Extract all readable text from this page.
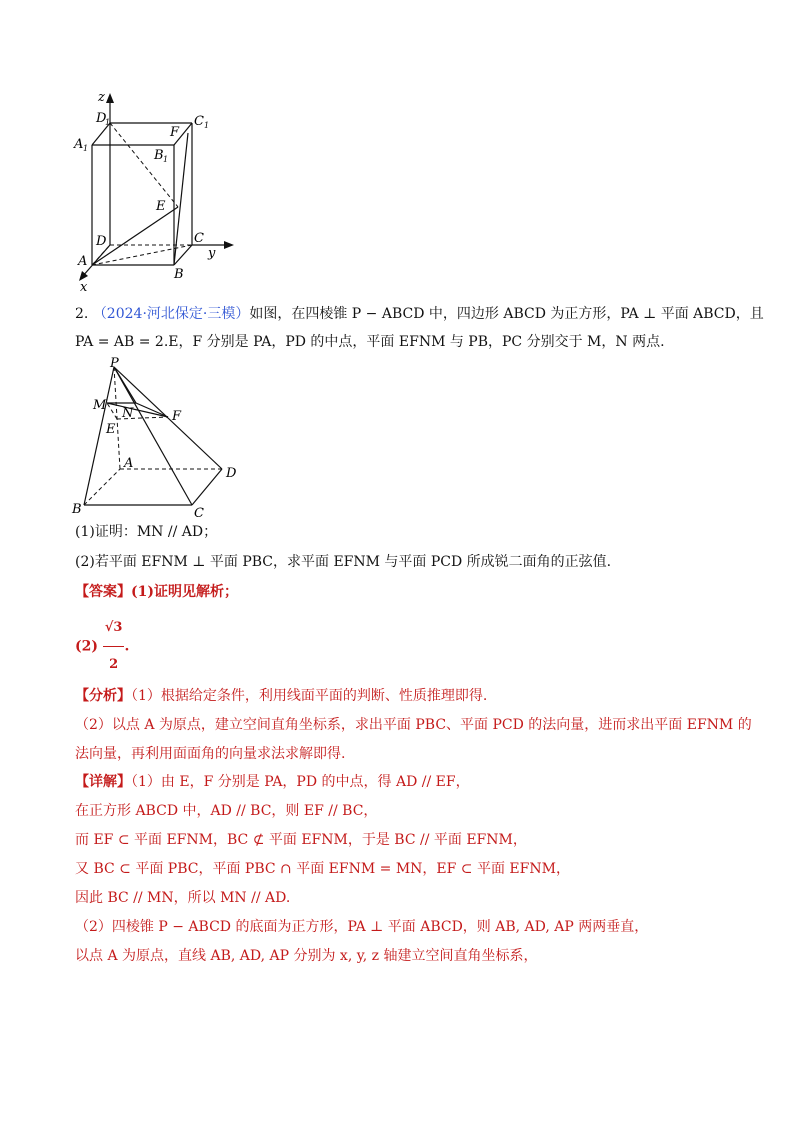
z
D
1	C 1
A 1	B 1
F
E
D	C
A
B
y
x
2. （2024·河北保定·三模）如图，在四棱锥 P − ABCD 中，四边形 ABCD 为正方形，PA ⊥ 平面 ABCD，且
PA = AB = 2.E，F 分别是 PA，PD 的中点，平面 EFNM 与 PB，PC 分别交于 M，N 两点.
P
M
N	F
E
A
D
B	C
(1)证明：MN // AD；
(2)若平面 EFNM ⊥ 平面 PBC，求平面 EFNM 与平面 PCD 所成锐二面角的正弦值.
【答案】(1)证明见解析；
$(2) \frac{√3}{2}$ .
【分析】（1）根据给定条件，利用线面平面的判断、性质推理即得.
（2）以点 A 为原点，建立空间直角坐标系，求出平面 PBC、平面 PCD 的法向量，进而求出平面 EFNM 的
法向量，再利用面面角的向量求法求解即得.
【详解】（1）由 E，F 分别是 PA，PD 的中点，得 AD // EF，
在正方形 ABCD 中，AD // BC，则 EF // BC，
而 EF ⊂ 平面 EFNM，BC ⊄ 平面 EFNM，于是 BC // 平面 EFNM，
又 BC ⊂ 平面 PBC，平面 PBC ∩ 平面 EFNM = MN，EF ⊂ 平面 EFNM，
因此 BC // MN，所以 MN // AD.
（2）四棱锥 P − ABCD 的底面为正方形，PA ⊥ 平面 ABCD，则 AB, AD, AP 两两垂直，
以点 A 为原点，直线 AB, AD, AP 分别为 x, y, z 轴建立空间直角坐标系，
